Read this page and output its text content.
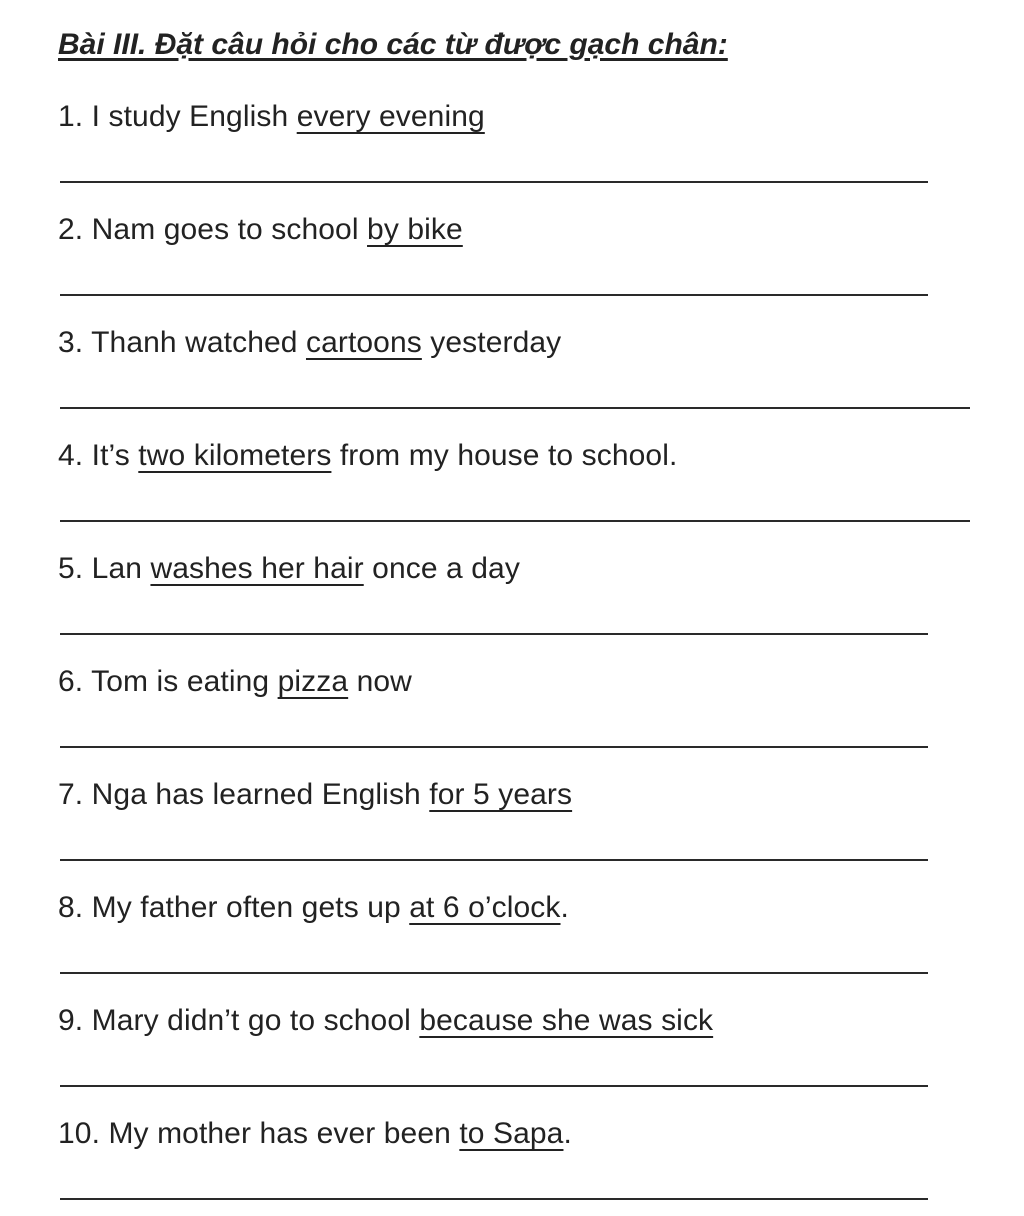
Bài III. Đặt câu hỏi cho các từ được gạch chân:
1. I study English every evening
2. Nam goes to school by bike
3. Thanh watched cartoons yesterday
4. It’s two kilometers from my house to school.
5. Lan washes her hair once a day
6. Tom is eating pizza now
7. Nga has learned English for 5 years
8. My father often gets up at 6 o’clock.
9. Mary didn’t go to school because she was sick
10. My mother has ever been to Sapa.
